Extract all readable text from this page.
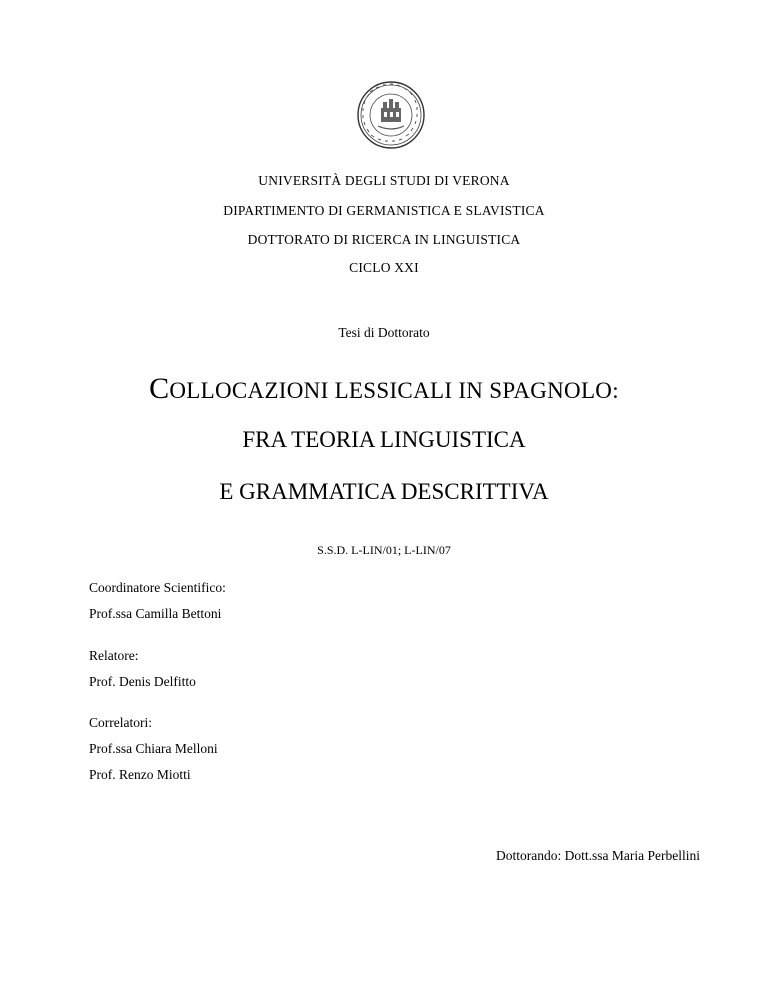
UNIVERSITÀ DEGLI STUDI DI VERONA
DIPARTIMENTO DI GERMANISTICA E SLAVISTICA
DOTTORATO DI RICERCA IN LINGUISTICA
CICLO XXI
Tesi di Dottorato
COLLOCAZIONI LESSICALI IN SPAGNOLO:
FRA TEORIA LINGUISTICA
E GRAMMATICA DESCRITTIVA
S.S.D. L-LIN/01; L-LIN/07
Coordinatore Scientifico:
Prof.ssa Camilla Bettoni
Relatore:
Prof. Denis Delfitto
Correlatori:
Prof.ssa Chiara Melloni
Prof. Renzo Miotti
Dottorando: Dott.ssa Maria Perbellini
